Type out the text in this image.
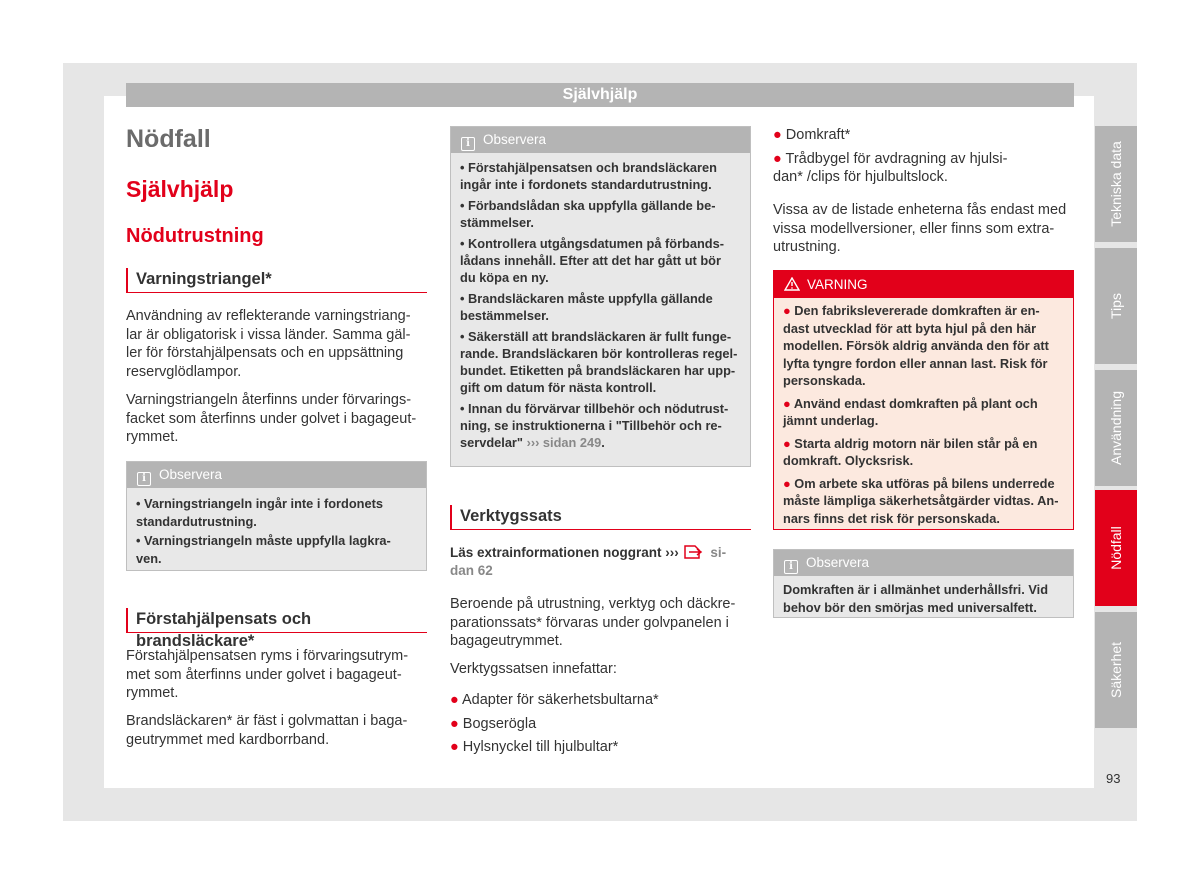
Självhjälp
Nödfall
Självhjälp
Nödutrustning
Varningstriangel*

Användning av reflekterande varningstriang-

lar är obligatorisk i vissa länder. Samma gäl-

ler för förstahjälpensats och en uppsättning

reservglödlampor.

Varningstriangeln återfinns under förvarings-

facket som återfinns under golvet i bagageut-

rymmet.

i Observera
• Varningstriangeln ingår inte i fordonets
standardutrustning.
• Varningstriangeln måste uppfylla lagkra-
ven.
Förstahjälpensats och brandsläckare*

Förstahjälpensatsen ryms i förvaringsutrym-

met som återfinns under golvet i bagageut-

rymmet.

Brandsläckaren* är fäst i golvmattan i baga-

geutrymmet med kardborrband.

i Observera
• Förstahjälpensatsen och brandsläckaren
ingår inte i fordonets standardutrustning.
• Förbandslådan ska uppfylla gällande be-
stämmelser.
• Kontrollera utgångsdatumen på förbands-
lådans innehåll. Efter att det har gått ut bör
du köpa en ny.
• Brandsläckaren måste uppfylla gällande
bestämmelser.
• Säkerställ att brandsläckaren är fullt funge-
rande. Brandsläckaren bör kontrolleras regel-
bundet. Etiketten på brandsläckaren har upp-
gift om datum för nästa kontroll.
• Innan du förvärvar tillbehör och nödutrust-
ning, se instruktionerna i "Tillbehör och re-
servdelar" ››› sidan 249.
Verktygssats
Läs extrainformationen noggrant ››› si-
dan 62

Beroende på utrustning, verktyg och däckre-

parationssats* förvaras under golvpanelen i

bagageutrymmet.

Verktygssatsen innefattar:

● Adapter för säkerhetsbultarna*
● Bogserögla
● Hylsnyckel till hjulbultar*
● Domkraft*
● Trådbygel för avdragning av hjulsi-
dan* /clips för hjulbultslock.

Vissa av de listade enheterna fås endast med

vissa modellversioner, eller finns som extra-

utrustning.

VARNING
● Den fabrikslevererade domkraften är en-
dast utvecklad för att byta hjul på den här
modellen. Försök aldrig använda den för att
lyfta tyngre fordon eller annan last. Risk för
personskada.
● Använd endast domkraften på plant och
jämnt underlag.
● Starta aldrig motorn när bilen står på en
domkraft. Olycksrisk.
● Om arbete ska utföras på bilens underrede
måste lämpliga säkerhetsåtgärder vidtas. An-
nars finns det risk för personskada.
i Observera
Domkraften är i allmänhet underhållsfri. Vid
behov bör den smörjas med universalfett.
Tekniska data
Tips
Användning
Nödfall
Säkerhet
93
